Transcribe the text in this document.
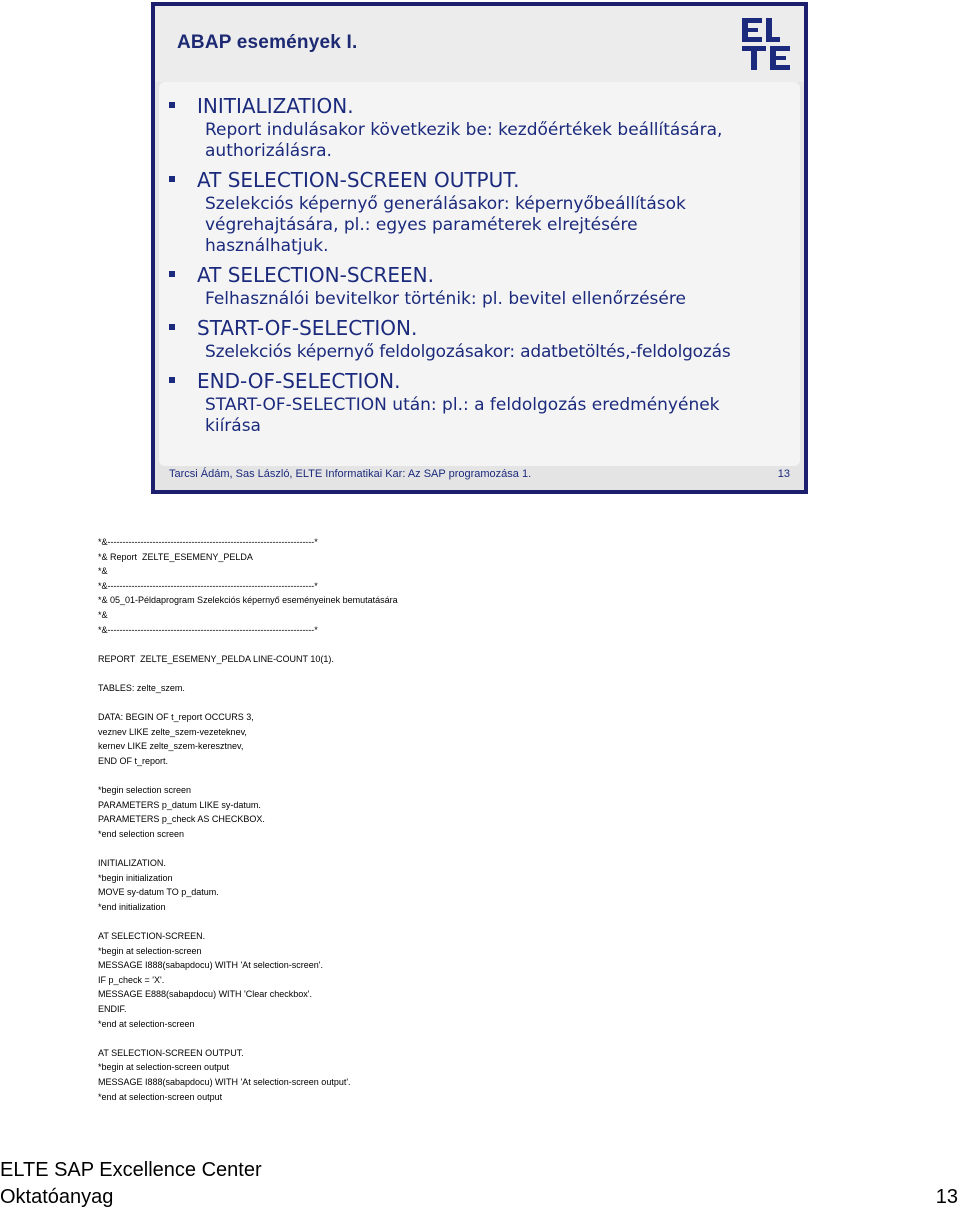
ABAP események I.
INITIALIZATION.
Report indulásakor következik be: kezdőértékek beállítására,
authorizálásra.
AT SELECTION-SCREEN OUTPUT.
Szelekciós képernyő generálásakor: képernyőbeállítások
végrehajtására, pl.: egyes paraméterek elrejtésére
használhatjuk.
AT SELECTION-SCREEN.
Felhasználói bevitelkor történik: pl. bevitel ellenőrzésére
START-OF-SELECTION.
Szelekciós képernyő feldolgozásakor: adatbetöltés,-feldolgozás
END-OF-SELECTION.
START-OF-SELECTION után: pl.: a feldolgozás eredményének
kiírása
Tarcsi Ádám, Sas László, ELTE Informatikai Kar: Az SAP programozása 1.	13
*&---------------------------------------------------------------------*
*& Report  ZELTE_ESEMENY_PELDA
*&
*&---------------------------------------------------------------------*
*& 05_01-Példaprogram Szelekciós képernyő eseményeinek bemutatására
*&
*&---------------------------------------------------------------------*
REPORT  ZELTE_ESEMENY_PELDA LINE-COUNT 10(1).
TABLES: zelte_szem.
DATA: BEGIN OF t_report OCCURS 3,
veznev LIKE zelte_szem-vezeteknev,
kernev LIKE zelte_szem-keresztnev,
END OF t_report.
*begin selection screen
PARAMETERS p_datum LIKE sy-datum.
PARAMETERS p_check AS CHECKBOX.
*end selection screen
INITIALIZATION.
*begin initialization
MOVE sy-datum TO p_datum.
*end initialization
AT SELECTION-SCREEN.
*begin at selection-screen
MESSAGE I888(sabapdocu) WITH 'At selection-screen'.
IF p_check = 'X'.
MESSAGE E888(sabapdocu) WITH 'Clear checkbox'.
ENDIF.
*end at selection-screen
AT SELECTION-SCREEN OUTPUT.
*begin at selection-screen output
MESSAGE I888(sabapdocu) WITH 'At selection-screen output'.
*end at selection-screen output
ELTE SAP Excellence Center
Oktatóanyag	13
